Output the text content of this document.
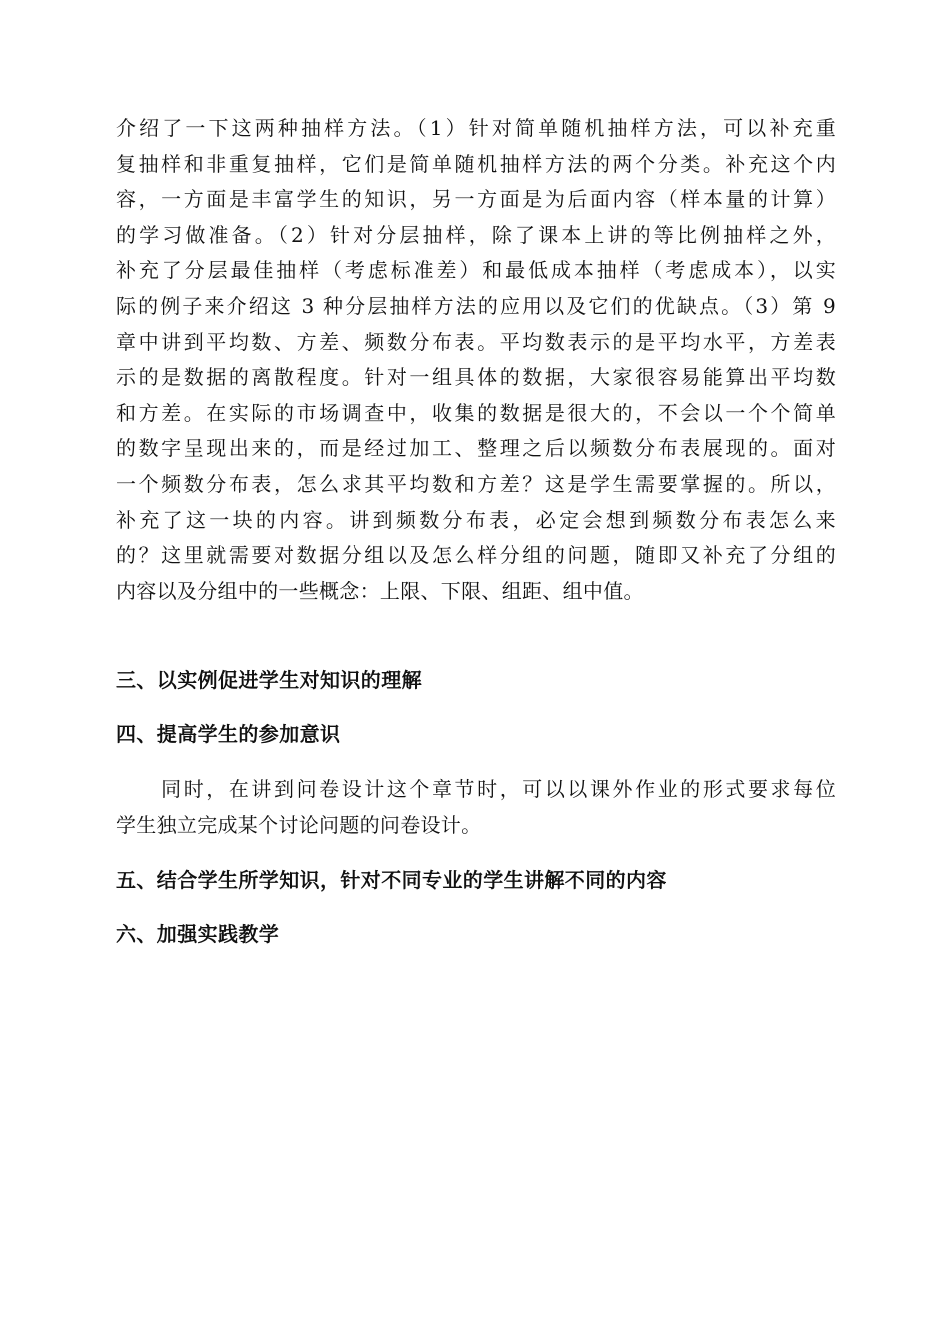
介绍了一下这两种抽样方法。（1）针对简单随机抽样方法，可以补充重
复抽样和非重复抽样，它们是简单随机抽样方法的两个分类。补充这个内
容，一方面是丰富学生的知识，另一方面是为后面内容（样本量的计算）
的学习做准备。（2）针对分层抽样，除了课本上讲的等比例抽样之外，
补充了分层最佳抽样（考虑标准差）和最低成本抽样（考虑成本），以实
际的例子来介绍这 3 种分层抽样方法的应用以及它们的优缺点。（3）第 9
章中讲到平均数、方差、频数分布表。平均数表示的是平均水平，方差表
示的是数据的离散程度。针对一组具体的数据，大家很容易能算出平均数
和方差。在实际的市场调查中，收集的数据是很大的，不会以一个个简单
的数字呈现出来的，而是经过加工、整理之后以频数分布表展现的。面对
一个频数分布表，怎么求其平均数和方差？这是学生需要掌握的。所以，
补充了这一块的内容。讲到频数分布表，必定会想到频数分布表怎么来
的？这里就需要对数据分组以及怎么样分组的问题，随即又补充了分组的
内容以及分组中的一些概念：上限、下限、组距、组中值。
三、以实例促进学生对知识的理解
四、提高学生的参加意识
　　同时，在讲到问卷设计这个章节时，可以以课外作业的形式要求每位
学生独立完成某个讨论问题的问卷设计。
五、结合学生所学知识，针对不同专业的学生讲解不同的内容
六、加强实践教学
